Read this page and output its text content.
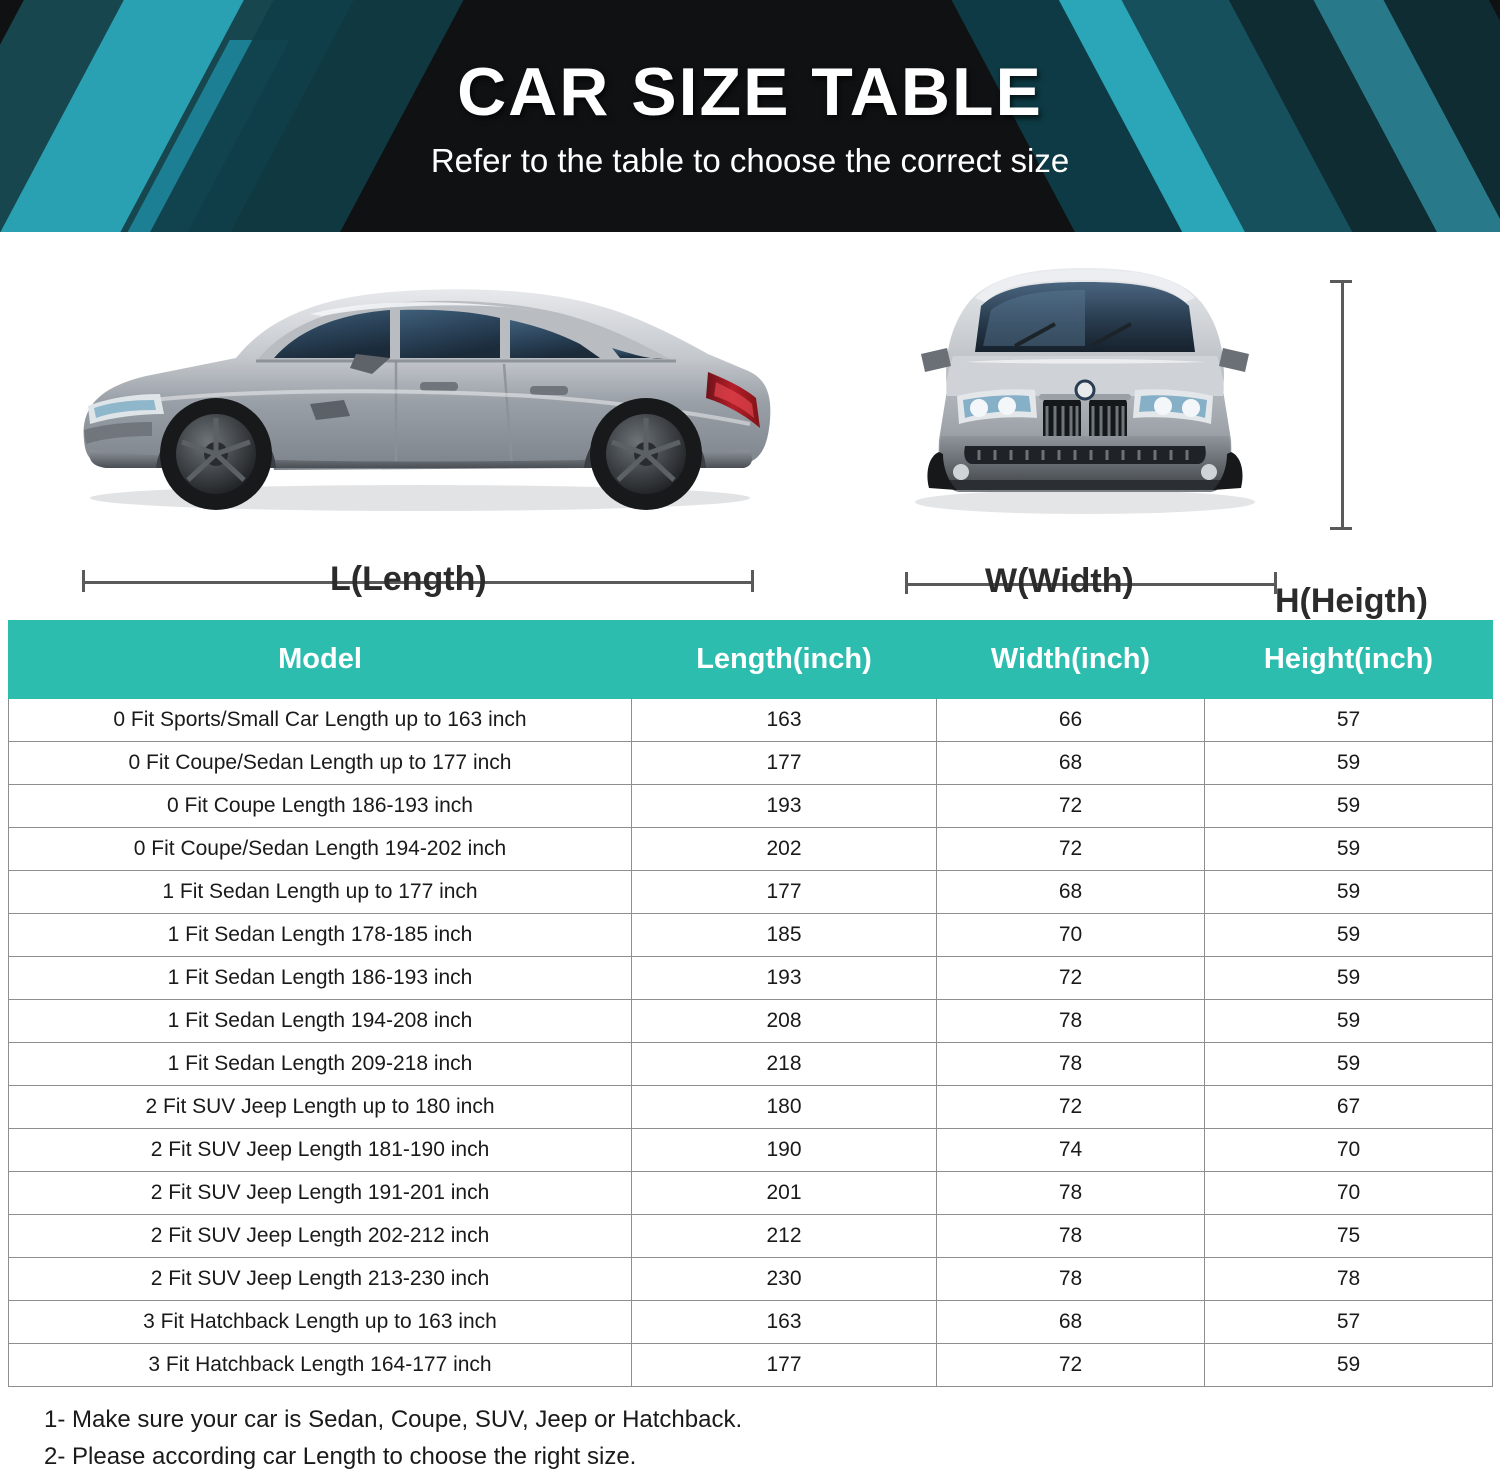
CAR SIZE TABLE

Refer to the table to choose the correct size

L(Length)	W(Width)
H(Heigth)
Model	Length(inch)	Width(inch)	Height(inch)
0 Fit Sports/Small Car Length up to 163 inch	163	66	57
0 Fit Coupe/Sedan Length up to 177 inch	177	68	59
0 Fit Coupe Length 186-193 inch	193	72	59
0 Fit Coupe/Sedan Length 194-202 inch	202	72	59
1 Fit Sedan Length up to 177 inch	177	68	59
1 Fit Sedan Length 178-185 inch	185	70	59
1 Fit Sedan Length 186-193 inch	193	72	59
1 Fit Sedan Length 194-208 inch	208	78	59
1 Fit Sedan Length 209-218 inch	218	78	59
2 Fit SUV Jeep Length up to 180 inch	180	72	67
2 Fit SUV Jeep Length 181-190 inch	190	74	70
2 Fit SUV Jeep Length 191-201 inch	201	78	70
2 Fit SUV Jeep Length 202-212 inch	212	78	75
2 Fit SUV Jeep Length 213-230 inch	230	78	78
3 Fit Hatchback Length up to 163 inch	163	68	57
3 Fit Hatchback Length 164-177 inch	177	72	59
1- Make sure your car is Sedan, Coupe, SUV, Jeep or Hatchback.
2- Please according car Length to choose the right size.
